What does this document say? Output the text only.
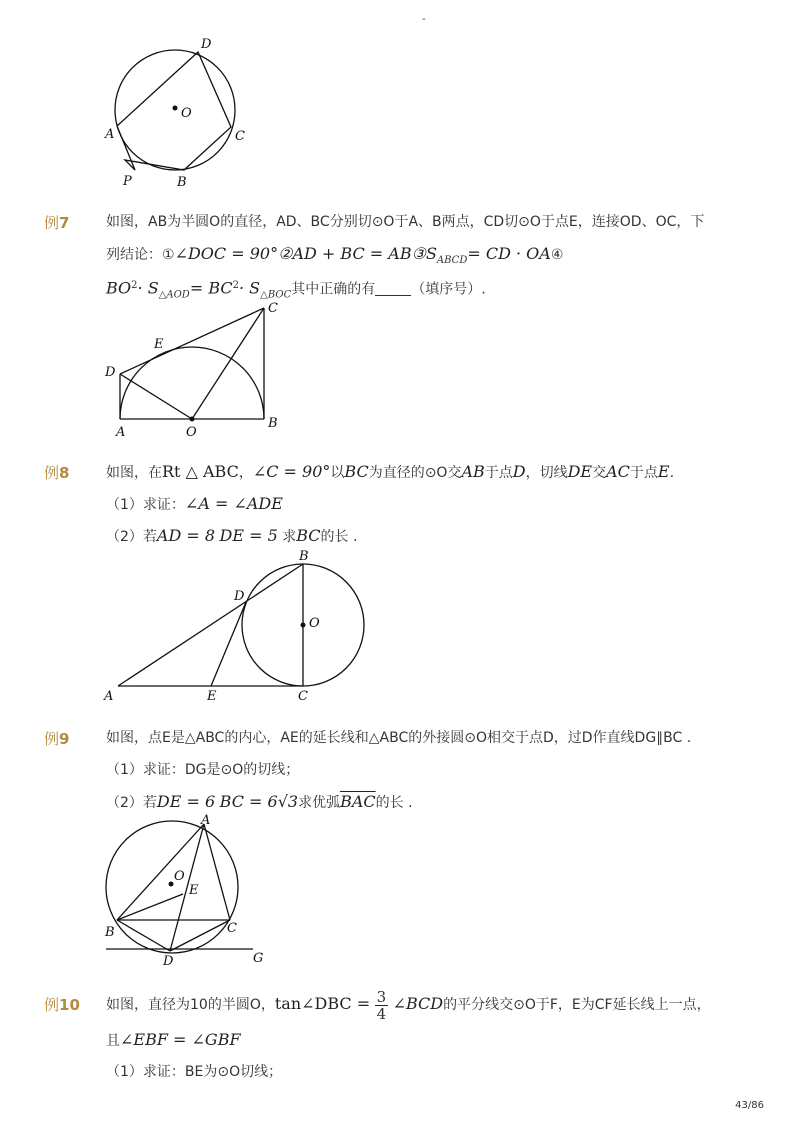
-
D
O
A	C
P	B
例7	如图，AB为半圆O的直径，AD、BC分别切⊙O于A、B两点，CD切⊙O于点E，连接OD、OC，下
列结论：①∠DOC = 90°②AD + BC = $AB③S_{ABCD}=$ CD · OA④
$BO^2\cdot S_{\triangle AOD}= BC^2\cdot S_{\triangle BOC}$其中正确的有	（填序号）.
C
E
D
A	O
B
例8	如图，在Rt △ ABC，∠C = 90°以BC为直径的⊙O交AB于点D，切线DE交AC于点E.
（1）求证：∠A = ∠ADE
（2）若AD = 8 DE = 5 求BC的长 .
B
D
O
A	E	C
例9	如图，点E是△ABC的内心，AE的延长线和△ABC的外接圆⊙O相交于点D，过D作直线DG∥BC .
（1）求证：DG是⊙O的切线；
（2）若DE = 6 BC = 6√3求优弧$\overline{BAC}$的长 .
A
O
E
B	C
D	G
例10 如图，直径为10的半圆O，tan∠DBC = $\frac{3}{4}$ ∠BCD的平分线交⊙O于F，E为CF延长线上一点，
且∠EBF = ∠GBF
（1）求证：BE为⊙O切线；
43/86
